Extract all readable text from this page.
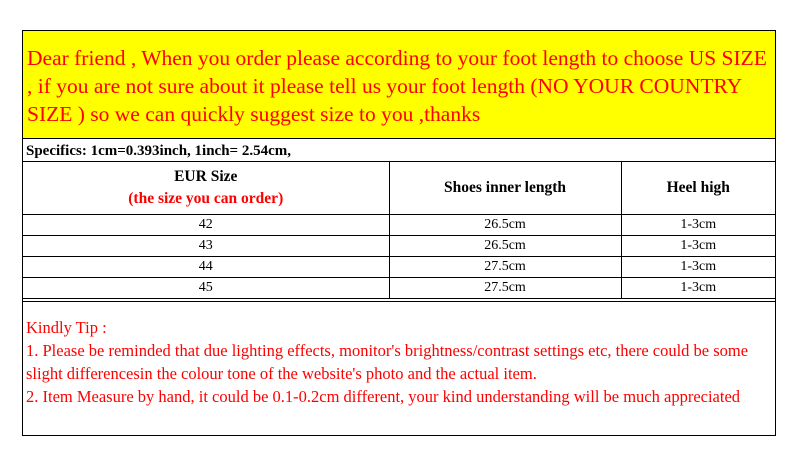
Dear friend , When you order please according to your foot length to choose US SIZE , if you are not sure about it please tell us your foot length (NO YOUR COUNTRY SIZE ) so we can quickly suggest size to you ,thanks
Specifics: 1cm=0.393inch, 1inch= 2.54cm,
EUR Size
(the size you can order)	Shoes inner length	Heel high
42	26.5cm	1-3cm
43	26.5cm	1-3cm
44	27.5cm	1-3cm
45	27.5cm	1-3cm

Kindly Tip :

1. Please be reminded that due lighting effects, monitor's brightness/contrast settings etc, there could be some slight differencesin the colour tone of the website's photo and the actual item.

2. Item Measure by hand, it could be 0.1-0.2cm different, your kind understanding will be much appreciated
